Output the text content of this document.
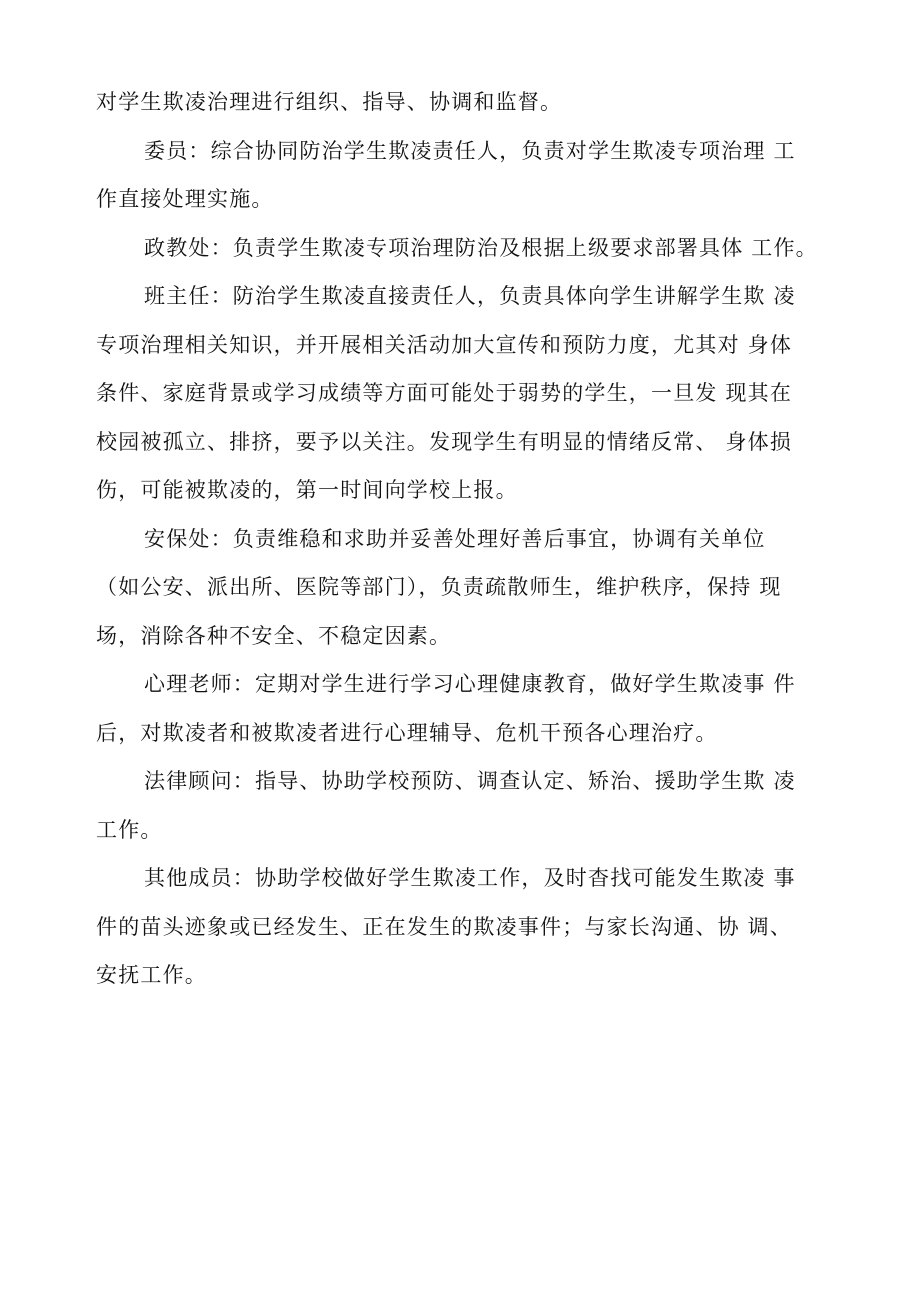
对学生欺凌治理进行组织、指导、协调和监督。
委员：综合协同防治学生欺凌责任人，负责对学生欺凌专项治理 工
作直接处理实施。
政教处：负责学生欺凌专项治理防治及根据上级要求部署具体 工作。
班主任：防治学生欺凌直接责任人，负责具体向学生讲解学生欺 凌
专项治理相关知识，并开展相关活动加大宣传和预防力度，尤其对 身体
条件、家庭背景或学习成绩等方面可能处于弱势的学生，一旦发 现其在
校园被孤立、排挤，要予以关注。发现学生有明显的情绪反常、 身体损
伤，可能被欺凌的，第一时间向学校上报。
安保处：负责维稳和求助并妥善处理好善后事宜，协调有关单位
（如公安、派出所、医院等部门），负责疏散师生，维护秩序，保持 现
场，消除各种不安全、不稳定因素。
心理老师：定期对学生进行学习心理健康教育，做好学生欺凌事 件
后，对欺凌者和被欺凌者进行心理辅导、危机干预各心理治疗。
法律顾问：指导、协助学校预防、调查认定、矫治、援助学生欺 凌
工作。
其他成员：协助学校做好学生欺凌工作，及时杳找可能发生欺凌 事
件的苗头迹象或已经发生、正在发生的欺凌事件；与家长沟通、协 调、
安抚工作。
